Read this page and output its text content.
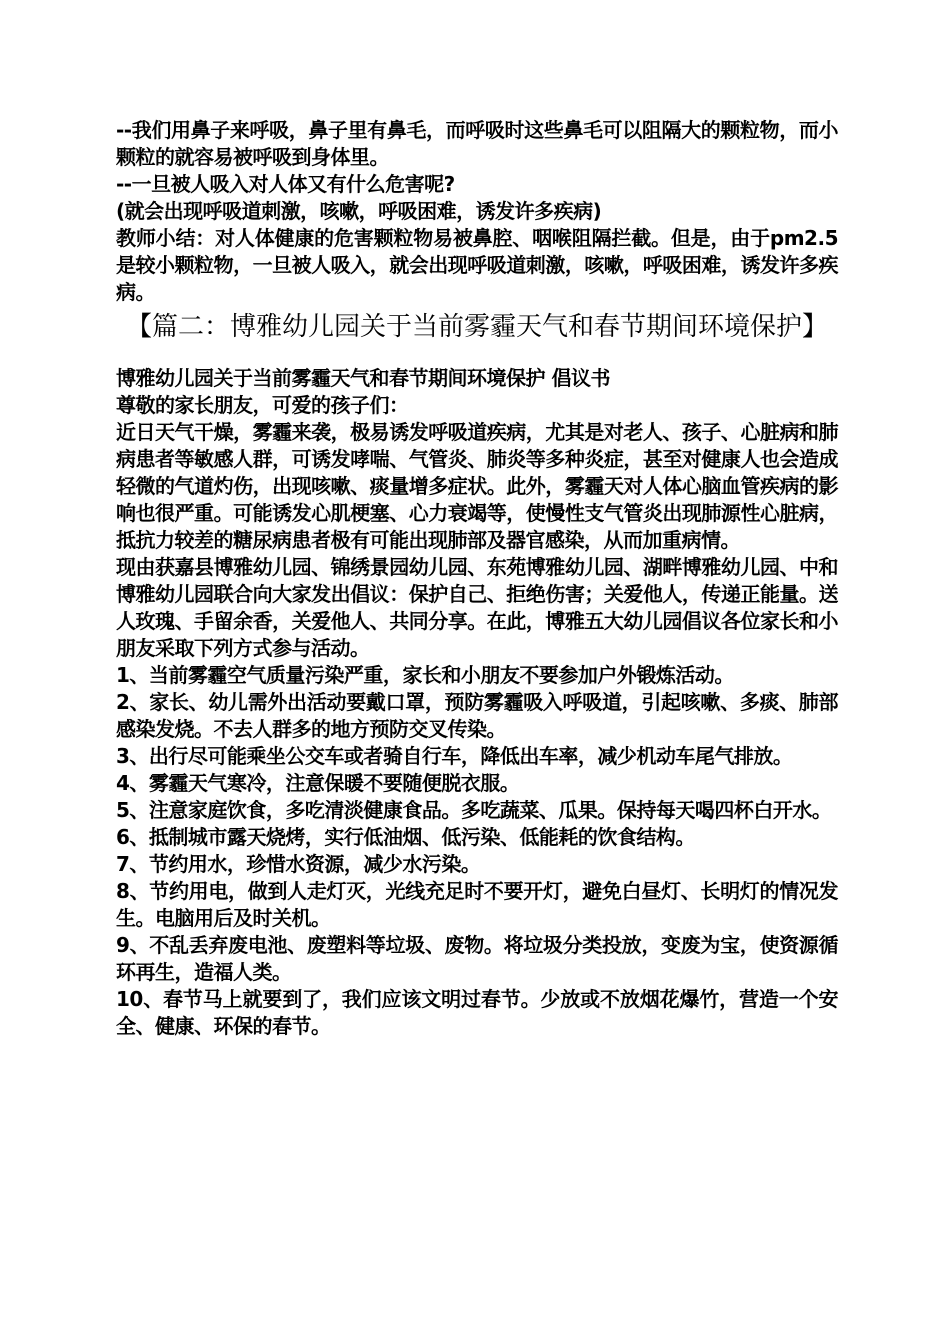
--我们用鼻子来呼吸，鼻子里有鼻毛，而呼吸时这些鼻毛可以阻隔大的颗粒物，而小颗粒的就容易被呼吸到身体里。

--一旦被人吸入对人体又有什么危害呢?

(就会出现呼吸道刺激，咳嗽，呼吸困难，诱发许多疾病)

教师小结：对人体健康的危害颗粒物易被鼻腔、咽喉阻隔拦截。但是，由于pm2.5是较小颗粒物，一旦被人吸入，就会出现呼吸道刺激，咳嗽，呼吸困难，诱发许多疾病。

【篇二：博雅幼儿园关于当前雾霾天气和春节期间环境保护】

博雅幼儿园关于当前雾霾天气和春节期间环境保护 倡议书

尊敬的家长朋友，可爱的孩子们：

近日天气干燥，雾霾来袭，极易诱发呼吸道疾病，尤其是对老人、孩子、心脏病和肺病患者等敏感人群，可诱发哮喘、气管炎、肺炎等多种炎症，甚至对健康人也会造成轻微的气道灼伤，出现咳嗽、痰量增多症状。此外，雾霾天对人体心脑血管疾病的影响也很严重。可能诱发心肌梗塞、心力衰竭等，使慢性支气管炎出现肺源性心脏病，抵抗力较差的糖尿病患者极有可能出现肺部及器官感染，从而加重病情。

现由获嘉县博雅幼儿园、锦绣景园幼儿园、东苑博雅幼儿园、湖畔博雅幼儿园、中和博雅幼儿园联合向大家发出倡议：保护自己、拒绝伤害；关爱他人，传递正能量。送人玫瑰、手留余香，关爱他人、共同分享。在此，博雅五大幼儿园倡议各位家长和小朋友采取下列方式参与活动。

1、当前雾霾空气质量污染严重，家长和小朋友不要参加户外锻炼活动。

2、家长、幼儿需外出活动要戴口罩，预防雾霾吸入呼吸道，引起咳嗽、多痰、肺部感染发烧。不去人群多的地方预防交叉传染。

3、出行尽可能乘坐公交车或者骑自行车，降低出车率，减少机动车尾气排放。

4、雾霾天气寒冷，注意保暖不要随便脱衣服。

5、注意家庭饮食，多吃清淡健康食品。多吃蔬菜、瓜果。保持每天喝四杯白开水。

6、抵制城市露天烧烤，实行低油烟、低污染、低能耗的饮食结构。

7、节约用水，珍惜水资源，减少水污染。

8、节约用电，做到人走灯灭，光线充足时不要开灯，避免白昼灯、长明灯的情况发生。电脑用后及时关机。

9、不乱丢弃废电池、废塑料等垃圾、废物。将垃圾分类投放，变废为宝，使资源循环再生，造福人类。

10、春节马上就要到了，我们应该文明过春节。少放或不放烟花爆竹，营造一个安全、健康、环保的春节。
